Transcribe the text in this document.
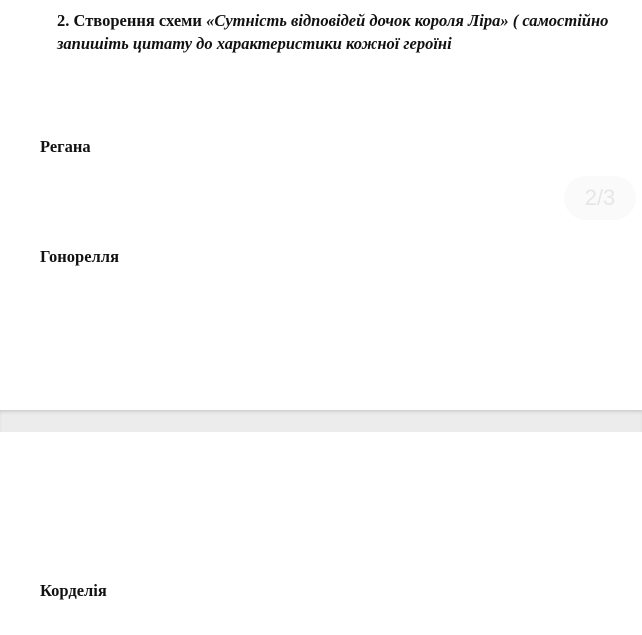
2. Створення схеми «Сутність відповідей дочок короля Ліра» ( самостійно запишіть цитату до характеристики кожної героїні

Регана

Гонорелля

2/3

Корделія
